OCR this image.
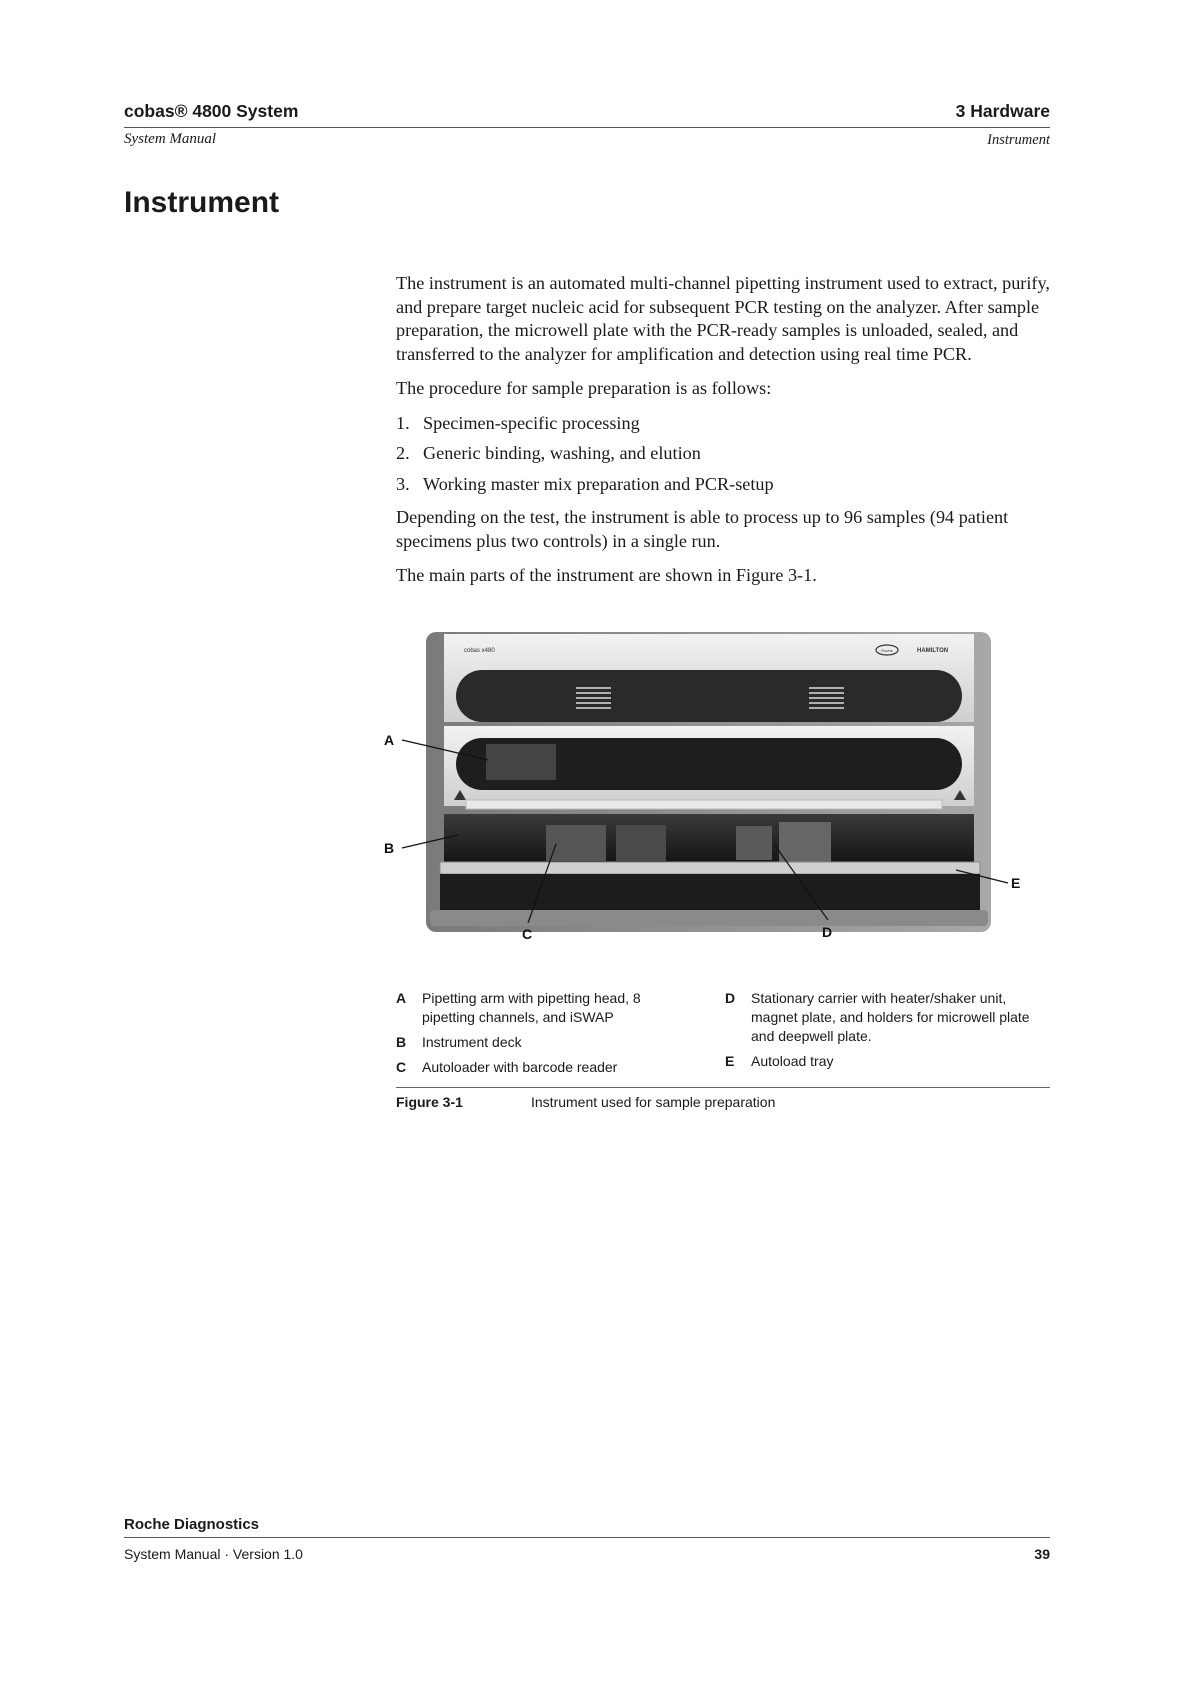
cobas® 4800 System
System Manual
3 Hardware
Instrument
Instrument

The instrument is an automated multi-channel pipetting instrument used to extract, purify, and prepare target nucleic acid for subsequent PCR testing on the analyzer. After sample preparation, the microwell plate with the PCR-ready samples is unloaded, sealed, and transferred to the analyzer for amplification and detection using real time PCR.

The procedure for sample preparation is as follows:

1. Specimen-specific processing
2. Generic binding, washing, and elution
3. Working master mix preparation and PCR-setup

Depending on the test, the instrument is able to process up to 96 samples (94 patient specimens plus two controls) in a single run.

The main parts of the instrument are shown in Figure 3-1.

A
B
C	D
E
cobas x480	Roche	HAMILTON
A	Pipetting arm with pipetting head, 8 pipetting channels, and iSWAP
B	Instrument deck
C	Autoloader with barcode reader
D	Stationary carrier with heater/shaker unit, magnet plate, and holders for microwell plate and deepwell plate.
E	Autoload tray
Figure 3-1	Instrument used for sample preparation
Roche Diagnostics
System Manual · Version 1.0	39
